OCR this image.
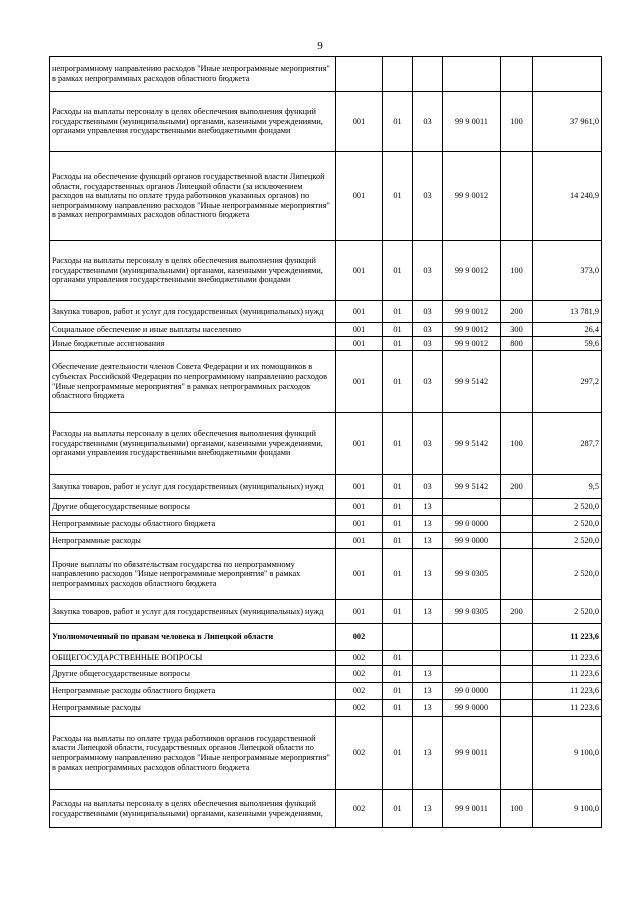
9
непрограммному направлению расходов "Иные непрограммные мероприятия" в рамках непрограммных расходов областного бюджета						
Расходы на выплаты персоналу в целях обеспечения выполнения функций государственными (муниципальными) органами, казенными учреждениями, органами управления государственными внебюджетными фондами	001	01	03	99 9 0011	100	37 961,0
Расходы на обеспечение функций органов государственной власти Липецкой области, государственных органов Липецкой области (за исключением расходов на выплаты по оплате труда работников указанных органов) по непрограммному направлению расходов "Иные непрограммные мероприятия" в рамках непрограммных расходов областного бюджета	001	01	03	99 9 0012		14 240,9
Расходы на выплаты персоналу в целях обеспечения выполнения функций государственными (муниципальными) органами, казенными учреждениями, органами управления государственными внебюджетными фондами	001	01	03	99 9 0012	100	373,0
Закупка товаров, работ и услуг для государственных (муниципальных) нужд	001	01	03	99 9 0012	200	13 781,9
Социальное обеспечение и иные выплаты населению	001	01	03	99 9 0012	300	26,4
Иные бюджетные ассигнования	001	01	03	99 9 0012	800	59,6
Обеспечение деятельности членов Совета Федерации и их помощников в субъектах Российской Федерации по непрограммному направлению расходов "Иные непрограммные мероприятия" в рамках непрограммных расходов областного бюджета	001	01	03	99 9 5142		297,2
Расходы на выплаты персоналу в целях обеспечения выполнения функций государственными (муниципальными) органами, казенными учреждениями, органами управления государственными внебюджетными фондами	001	01	03	99 9 5142	100	287,7
Закупка товаров, работ и услуг для государственных (муниципальных) нужд	001	01	03	99 9 5142	200	9,5
Другие общегосударственные вопросы	001	01	13			2 520,0
Непрограммные расходы областного бюджета	001	01	13	99 0 0000		2 520,0
Непрограммные расходы	001	01	13	99 9 0000		2 520,0
Прочие выплаты по обязательствам государства по непрограммному направлению расходов "Иные непрограммные мероприятия" в рамках непрограммных расходов областного бюджета	001	01	13	99 9 0305		2 520,0
Закупка товаров, работ и услуг для государственных (муниципальных) нужд	001	01	13	99 9 0305	200	2 520,0
Уполномоченный по правам человека в Липецкой области	002					11 223,6
ОБЩЕГОСУДАРСТВЕННЫЕ ВОПРОСЫ	002	01				11 223,6
Другие общегосударственные вопросы	002	01	13			11 223,6
Непрограммные расходы областного бюджета	002	01	13	99 0 0000		11 223,6
Непрограммные расходы	002	01	13	99 9 0000		11 223,6
Расходы на выплаты по оплате труда работников органов государственной власти Липецкой области, государственных органов Липецкой области по непрограммному направлению расходов "Иные непрограммные мероприятия" в рамках непрограммных расходов областного бюджета	002	01	13	99 9 0011		9 100,0
Расходы на выплаты персоналу в целях обеспечения выполнения функций государственными (муниципальными) органами, казенными учреждениями,	002	01	13	99 9 0011	100	9 100,0
